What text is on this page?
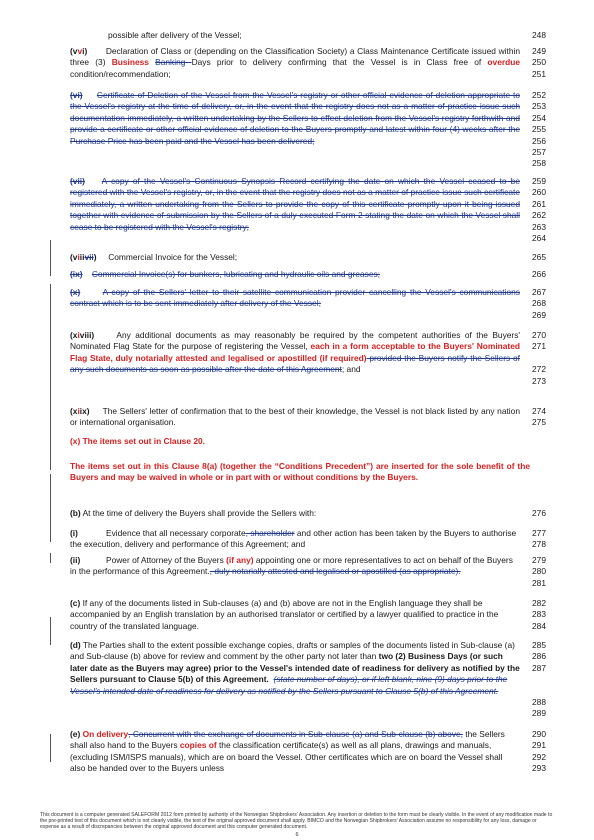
possible after delivery of the Vessel;	248
(vvi) Declaration of Class or (depending on the Classification Society) a Class Maintenance Certificate issued within three (3) Business Banking Days prior to delivery confirming that the Vessel is in Class free of overdue condition/recommendation;
249
250
251
(vi) Certificate of Deletion of the Vessel from the Vessel's registry or other official evidence of deletion appropriate to the Vessel's registry at the time of delivery, or, in the event that the registry does not as a matter of practice issue such documentation immediately, a written undertaking by the Sellers to effect deletion from the Vessel's registry forthwith and provide a certificate or other official evidence of deletion to the Buyers promptly and latest within four (4) weeks after the Purchase Price has been paid and the Vessel has been delivered;
252
253
254
255
256
257
258
(vii) A copy of the Vessel's Continuous Synopsis Record certifying the date on which the Vessel ceased to be registered with the Vessel's registry, or, in the event that the registry does not as a matter of practice issue such certificate immediately, a written undertaking from the Sellers to provide the copy of this certificate promptly upon it being issued together with evidence of submission by the Sellers of a duly executed Form 2 stating the date on which the Vessel shall cease to be registered with the Vessel's registry;
259
260
261
262
263
264
(viiivii) Commercial Invoice for the Vessel;	265
(ix) Commercial Invoice(s) for bunkers, lubricating and hydraulic oils and greases;	266
(x)	A copy of the Sellers' letter to their satellite communication provider cancelling the Vessel's communications contract which is to be sent immediately after delivery of the Vessel;
267
268
269
(xiviii)	Any additional documents as may reasonably be required by the competent authorities of the Buyers' Nominated Flag State for the purpose of registering the Vessel, each in a form acceptable to the Buyers' Nominated Flag State, duly notarially attested and legalised or apostilled (if required) provided the Buyers notify the Sellers of any such documents as soon as possible after the date of this Agreement; and
270
271
272
273
(xiix) The Sellers' letter of confirmation that to the best of their knowledge, the Vessel is not black listed by any nation or international organisation.
274
275
(x) The items set out in Clause 20.
The items set out in this Clause 8(a) (together the “Conditions Precedent”) are inserted for the sole benefit of the Buyers and may be waived in whole or in part with or without conditions by the Buyers.
(b) At the time of delivery the Buyers shall provide the Sellers with:	276
(i)	Evidence that all necessary corporate, shareholder and other action has been taken by the Buyers to authorise the execution, delivery and performance of this Agreement; and
277
278
(ii)	Power of Attorney of the Buyers (if any) appointing one or more representatives to act on behalf of the Buyers in the performance of this Agreement., duly notarially attested and legalised or apostilled (as appropriate).
279
280
281
(c) If any of the documents listed in Sub-clauses (a) and (b) above are not in the English language they shall be accompanied by an English translation by an authorised translator or certified by a lawyer qualified to practice in the country of the translated language.
282
283
284
(d) The Parties shall to the extent possible exchange copies, drafts or samples of the documents listed in Sub-clause (a) and Sub-clause (b) above for review and comment by the other party not later than two (2) Business Days (or such later date as the Buyers may agree) prior to the Vessel's intended date of readiness for delivery as notified by the Sellers pursuant to Clause 5(b) of this Agreement. (state number of days), or if left blank, nine (9) days prior to the Vessel's intended date of readiness for delivery as notified by the Sellers pursuant to Clause 5(b) of this Agreement.
285
286
287
288
289
(e) On delivery, Concurrent with the exchange of documents in Sub-clause (a) and Sub-clause (b) above, the Sellers shall also hand to the Buyers copies of the classification certificate(s) as well as all plans, drawings and manuals, (excluding ISM/ISPS manuals), which are on board the Vessel. Other certificates which are on board the Vessel shall also be handed over to the Buyers unless
290
291
292
293
This document is a computer generated SALEFORM 2012 form printed by authority of the Norwegian Shipbrokers' Association. Any insertion or deletion to the form must be clearly visible. In the event of any modification made to the pre-printed text of this document which is not clearly visible, the text of the original approved document shall apply. BIMCO and the Norwegian Shipbrokers' Association assume no responsibility for any loss, damage or expense as a result of discrepancies between the original approved document and this computer generated document.
6
